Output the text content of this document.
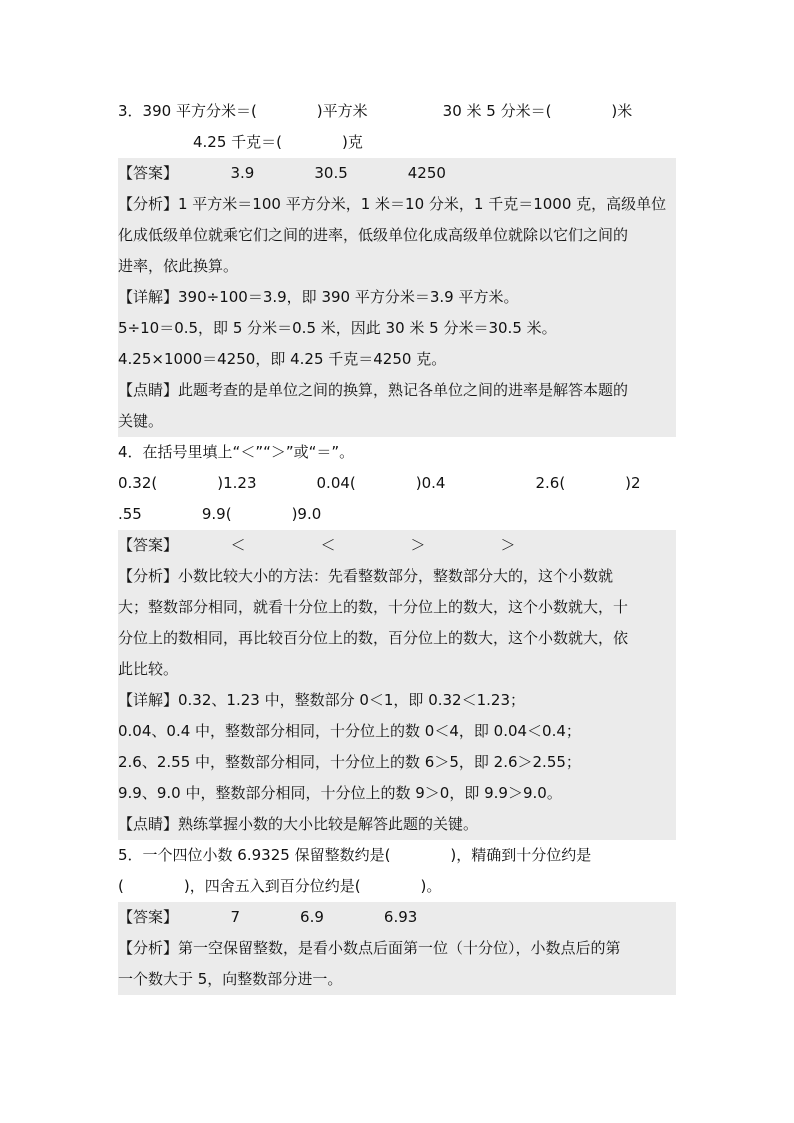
3．390 平方分米＝(　　　　)平方米　　　　　30 米 5 分米＝(　　　　)米
　　　　　4.25 千克＝(　　　　)克
【答案】　　　　3.9　　　　30.5　　　　4250
【分析】1 平方米＝100 平方分米，1 米＝10 分米，1 千克＝1000 克，高级单位
化成低级单位就乘它们之间的进率，低级单位化成高级单位就除以它们之间的
进率，依此换算。
【详解】390÷100＝3.9，即 390 平方分米＝3.9 平方米。
5÷10＝0.5，即 5 分米＝0.5 米，因此 30 米 5 分米＝30.5 米。
4.25×1000＝4250，即 4.25 千克＝4250 克。
【点睛】此题考查的是单位之间的换算，熟记各单位之间的进率是解答本题的
关键。
4．在括号里填上“＜”“＞”或“＝”。
0.32(　　　　)1.23　　　　0.04(　　　　)0.4　　　　　　2.6(　　　　)2
.55　　　　9.9(　　　　)9.0
【答案】　　　　＜　　　　　＜　　　　　＞　　　　　＞
【分析】小数比较大小的方法：先看整数部分，整数部分大的，这个小数就
大；整数部分相同，就看十分位上的数，十分位上的数大，这个小数就大，十
分位上的数相同，再比较百分位上的数，百分位上的数大，这个小数就大，依
此比较。
【详解】0.32、1.23 中，整数部分 0＜1，即 0.32＜1.23；
0.04、0.4 中，整数部分相同，十分位上的数 0＜4，即 0.04＜0.4；
2.6、2.55 中，整数部分相同，十分位上的数 6＞5，即 2.6＞2.55；
9.9、9.0 中，整数部分相同，十分位上的数 9＞0，即 9.9＞9.0。
【点睛】熟练掌握小数的大小比较是解答此题的关键。
5．一个四位小数 6.9325 保留整数约是(　　　　)，精确到十分位约是
(　　　　)，四舍五入到百分位约是(　　　　)。
【答案】　　　　7　　　　6.9　　　　6.93
【分析】第一空保留整数，是看小数点后面第一位（十分位），小数点后的第
一个数大于 5，向整数部分进一。
